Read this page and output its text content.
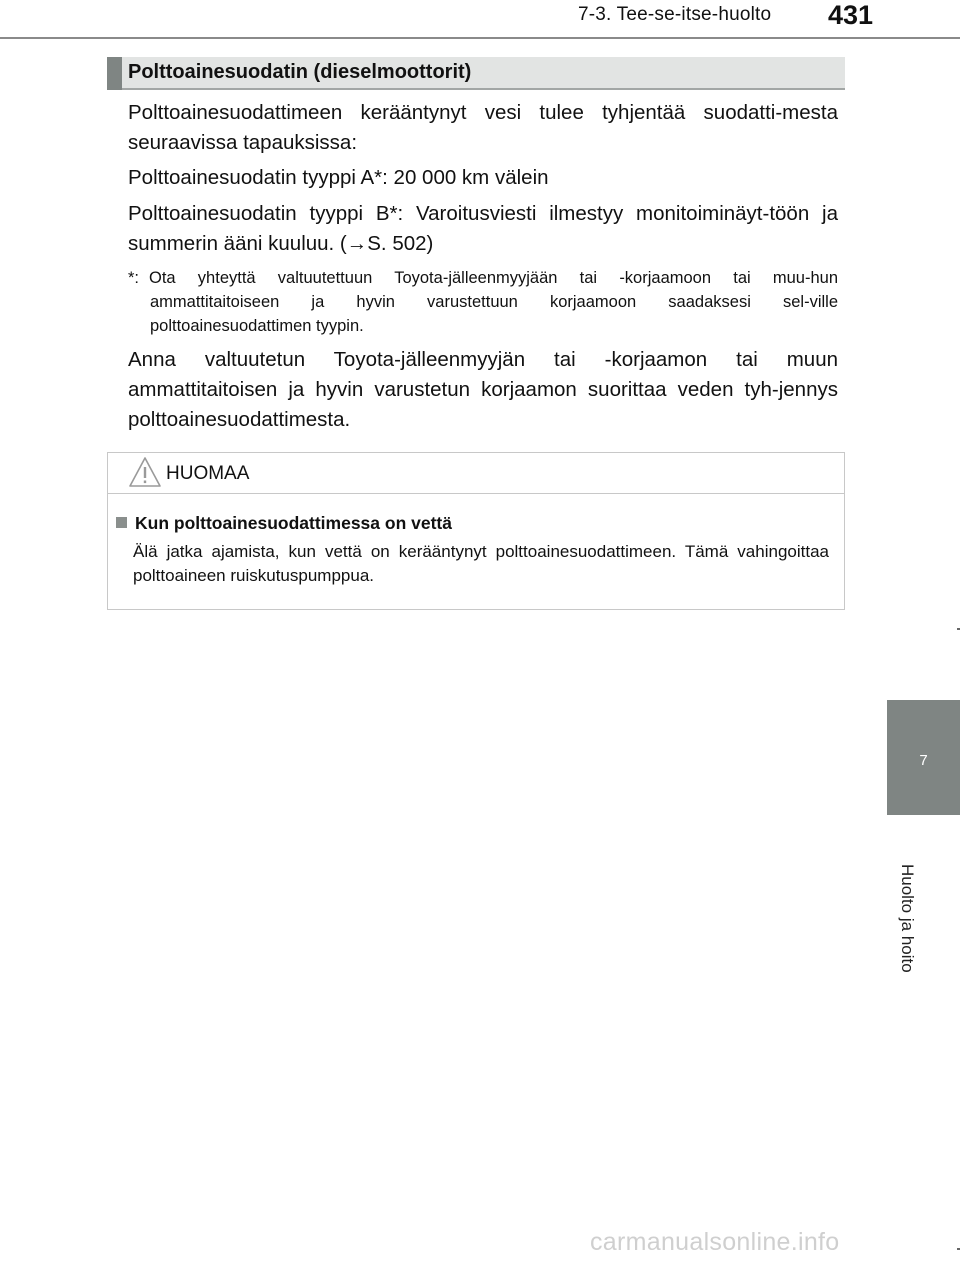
7-3. Tee-se-itse-huolto 431
Polttoainesuodatin (dieselmoottorit)
Polttoainesuodattimeen kerääntynyt vesi tulee tyhjentää suodatti-mesta seuraavissa tapauksissa:
Polttoainesuodatin tyyppi A*: 20 000 km välein
Polttoainesuodatin tyyppi B*: Varoitusviesti ilmestyy monitoiminäyt-töön ja summerin ääni kuuluu. (→S. 502)
*: Ota yhteyttä valtuutettuun Toyota-jälleenmyyjään tai -korjaamoon tai muu-hun ammattitaitoiseen ja hyvin varustettuun korjaamoon saadaksesi sel-ville polttoainesuodattimen tyypin.
Anna valtuutetun Toyota-jälleenmyyjän tai -korjaamon tai muun ammattitaitoisen ja hyvin varustetun korjaamon suorittaa veden tyh-jennys polttoainesuodattimesta.
HUOMAA
Kun polttoainesuodattimessa on vettä
Älä jatka ajamista, kun vettä on kerääntynyt polttoainesuodattimeen. Tämä vahingoittaa polttoaineen ruiskutuspumppua.
7
Huolto ja hoito
carmanualsonline.info
